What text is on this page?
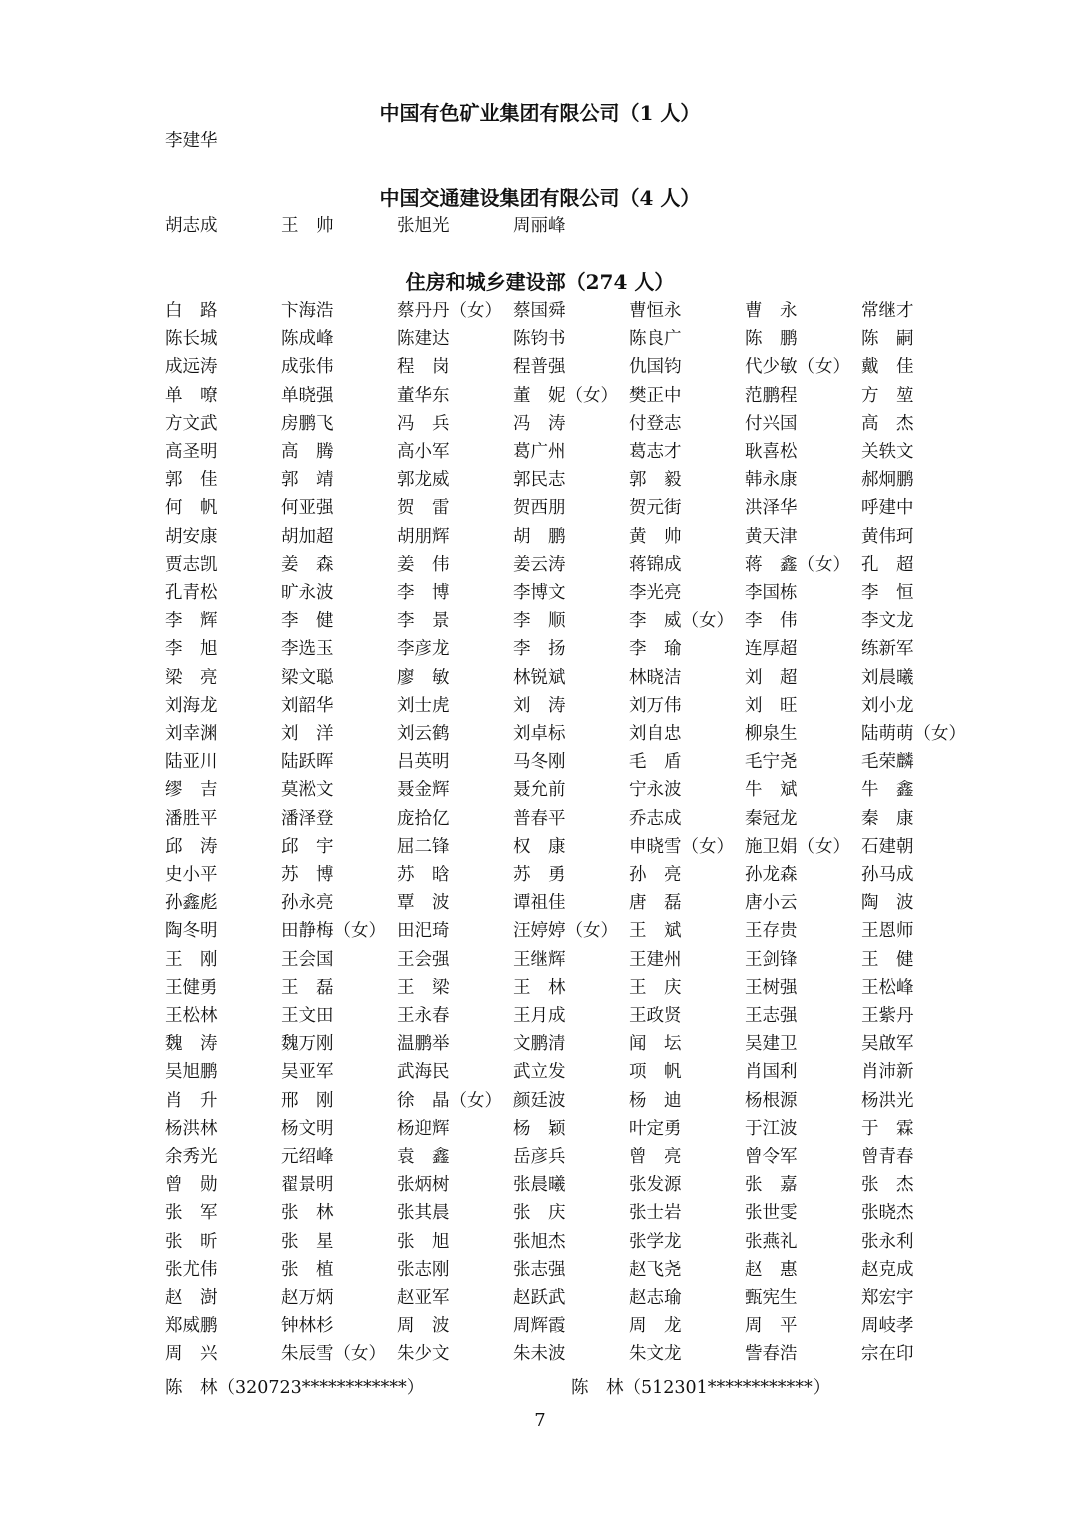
中国有色矿业集团有限公司（1 人）
李建华
中国交通建设集团有限公司（4 人）
胡志成	王　帅	张旭光	周丽峰
住房和城乡建设部（274 人）
白　路	卞海浩	蔡丹丹（女） 蔡国舜	曹恒永	曹　永	常继才
陈长城	陈成峰	陈建达	陈钧书	陈良广	陈　鹏	陈　嗣
成远涛	成张伟	程　岗	程普强	仇国钧	代少敏（女） 戴　佳
单　嘹	单晓强	董华东	董　妮（女） 樊正中	范鹏程	方　堃
方文武	房鹏飞	冯　兵	冯　涛	付登志	付兴国	高　杰
高圣明	高　腾	高小军	葛广州	葛志才	耿喜松	关轶文
郭　佳	郭　靖	郭龙威	郭民志	郭　毅	韩永康	郝炯鹏
何　帆	何亚强	贺　雷	贺西朋	贺元街	洪泽华	呼建中
胡安康	胡加超	胡朋辉	胡　鹏	黄　帅	黄天津	黄伟珂
贾志凯	姜　森	姜　伟	姜云涛	蒋锦成	蒋　鑫（女） 孔　超
孔青松	旷永波	李　博	李博文	李光亮	李国栋	李　恒
李　辉	李　健	李　景	李　顺	李　威（女） 李　伟	李文龙
李　旭	李选玉	李彦龙	李　扬	李　瑜	连厚超	练新军
梁　亮	梁文聪	廖　敏	林锐斌	林晓洁	刘　超	刘晨曦
刘海龙	刘韶华	刘士虎	刘　涛	刘万伟	刘　旺	刘小龙
刘幸渊	刘　洋	刘云鹤	刘卓标	刘自忠	柳泉生	陆萌萌（女）
陆亚川	陆跃晖	吕英明	马冬刚	毛　盾	毛宁尧	毛荣麟
缪　吉	莫淞文	聂金辉	聂允前	宁永波	牛　斌	牛　鑫
潘胜平	潘泽登	庞拾亿	普春平	乔志成	秦冠龙	秦　康
邱　涛	邱　宇	屈二锋	权　康	申晓雪（女） 施卫娟（女） 石建朝
史小平	苏　博	苏　晗	苏　勇	孙　亮	孙龙森	孙马成
孙鑫彪	孙永亮	覃　波	谭祖佳	唐　磊	唐小云	陶　波
陶冬明	田静梅（女） 田汜琦	汪婷婷（女） 王　斌	王存贵	王恩师
王　刚	王会国	王会强	王继辉	王建州	王剑锋	王　健
王健勇	王　磊	王　梁	王　林	王　庆	王树强	王松峰
王松林	王文田	王永春	王月成	王政贤	王志强	王紫丹
魏　涛	魏万刚	温鹏举	文鹏清	闻　坛	吴建卫	吴啟军
吴旭鹏	吴亚军	武海民	武立发	项　帆	肖国利	肖沛新
肖　升	邢　刚	徐　晶（女） 颜廷波	杨　迪	杨根源	杨洪光
杨洪林	杨文明	杨迎辉	杨　颖	叶定勇	于江波	于　霖
余秀光	元绍峰	袁　鑫	岳彦兵	曾　亮	曾令军	曾青春
曾　勋	翟景明	张炳树	张晨曦	张发源	张　嘉	张　杰
张　军	张　林	张其晨	张　庆	张士岩	张世雯	张晓杰
张　昕	张　星	张　旭	张旭杰	张学龙	张燕礼	张永利
张尤伟	张　植	张志刚	张志强	赵飞尧	赵　惠	赵克成
赵　澍	赵万炳	赵亚军	赵跃武	赵志瑜	甄宪生	郑宏宇
郑威鹏	钟林杉	周　波	周辉霞	周　龙	周　平	周岐孝
周　兴	朱辰雪（女） 朱少文	朱未波	朱文龙	訾春浩	宗在印
陈　林（320723************）	陈　林（512301************）
7
